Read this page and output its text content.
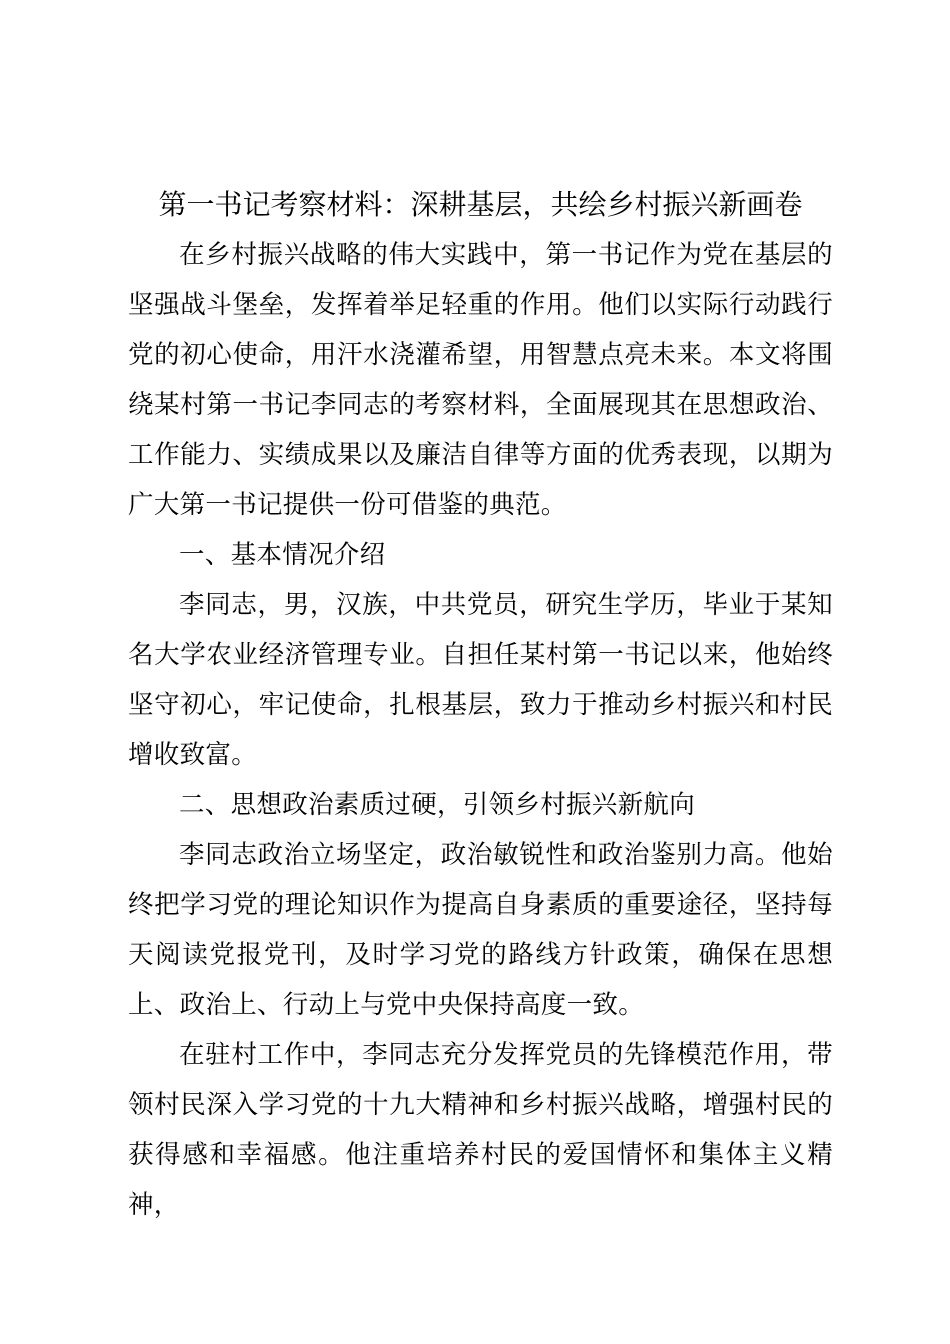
第一书记考察材料：深耕基层，共绘乡村振兴新画卷

在乡村振兴战略的伟大实践中，第一书记作为党在基层的坚强战斗堡垒，发挥着举足轻重的作用。他们以实际行动践行党的初心使命，用汗水浇灌希望，用智慧点亮未来。本文将围绕某村第一书记李同志的考察材料，全面展现其在思想政治、工作能力、实绩成果以及廉洁自律等方面的优秀表现，以期为广大第一书记提供一份可借鉴的典范。

一、基本情况介绍

李同志，男，汉族，中共党员，研究生学历，毕业于某知名大学农业经济管理专业。自担任某村第一书记以来，他始终坚守初心，牢记使命，扎根基层，致力于推动乡村振兴和村民增收致富。

二、思想政治素质过硬，引领乡村振兴新航向

李同志政治立场坚定，政治敏锐性和政治鉴别力高。他始终把学习党的理论知识作为提高自身素质的重要途径，坚持每天阅读党报党刊，及时学习党的路线方针政策，确保在思想上、政治上、行动上与党中央保持高度一致。

在驻村工作中，李同志充分发挥党员的先锋模范作用，带领村民深入学习党的十九大精神和乡村振兴战略，增强村民的获得感和幸福感。他注重培养村民的爱国情怀和集体主义精神，
